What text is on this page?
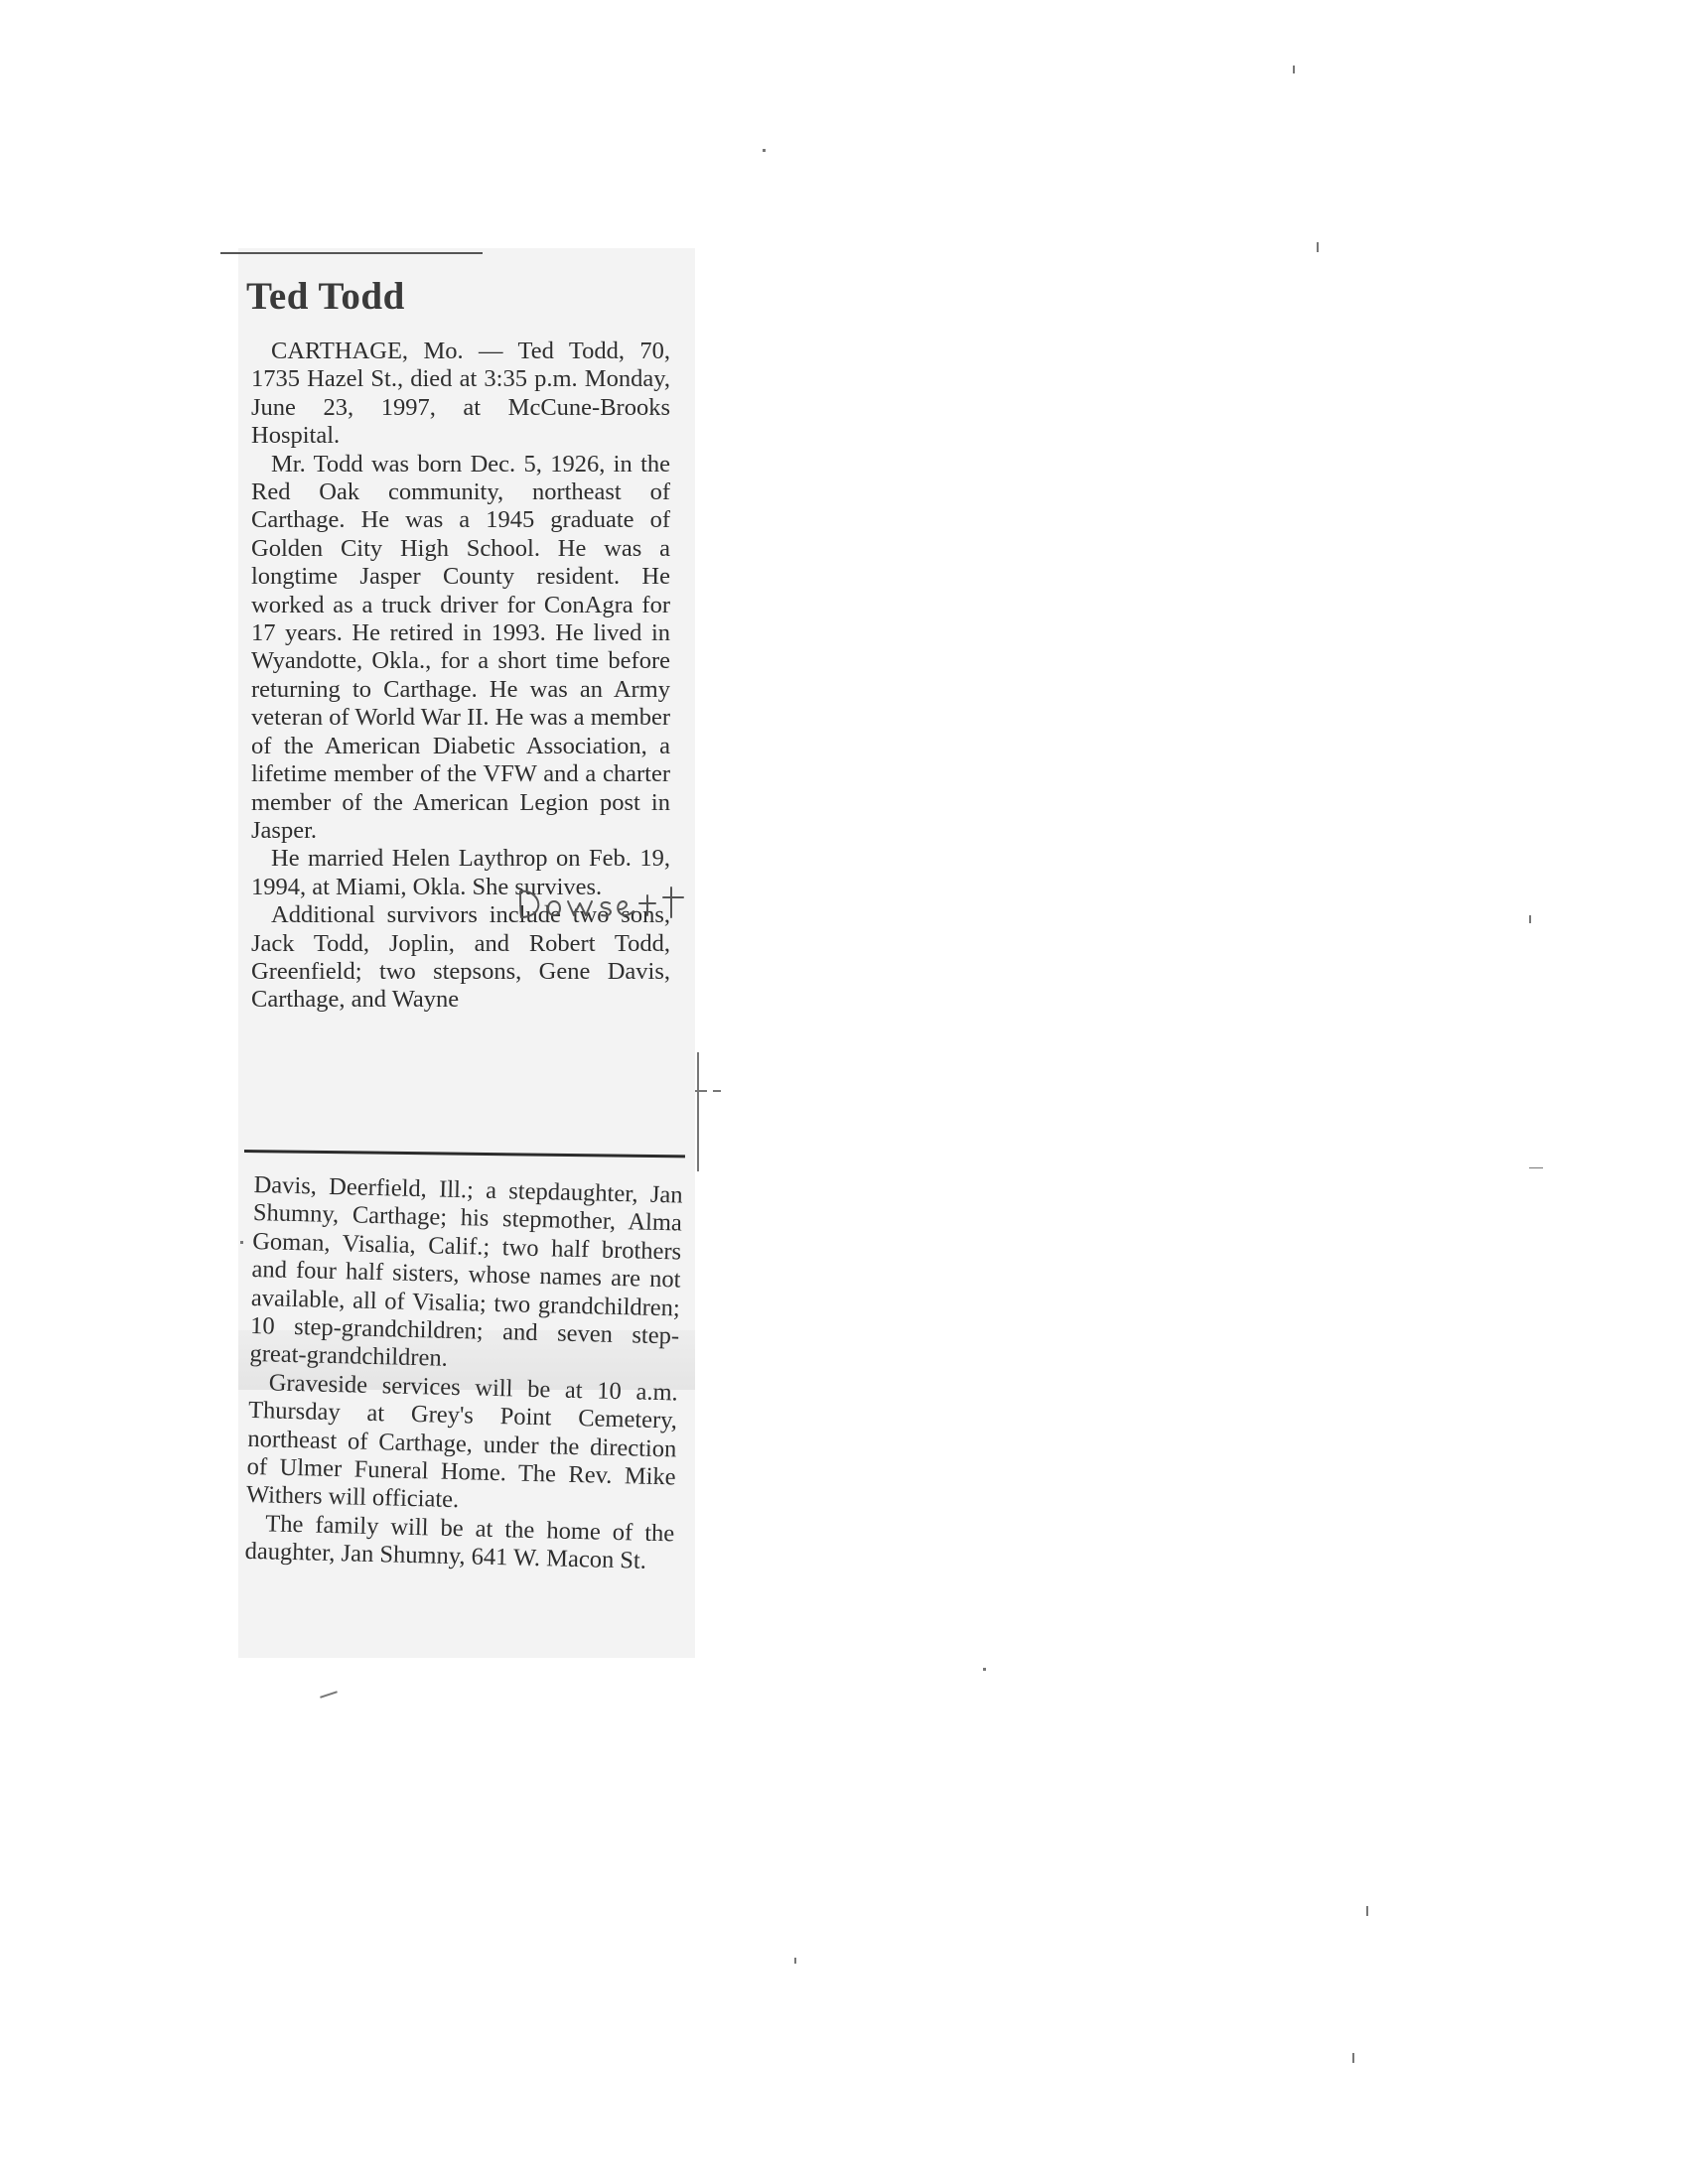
Ted Todd

CARTHAGE, Mo. — Ted Todd, 70, 1735 Hazel St., died at 3:35 p.m. Monday, June 23, 1997, at McCune-Brooks Hospital.

Mr. Todd was born Dec. 5, 1926, in the Red Oak community, northeast of Carthage. He was a 1945 graduate of Golden City High School. He was a longtime Jasper County resident. He worked as a truck driver for ConAgra for 17 years. He retired in 1993. He lived in Wyandotte, Okla., for a short time before returning to Carthage. He was an Army veteran of World War II. He was a member of the American Diabetic Association, a lifetime member of the VFW and a charter member of the American Legion post in Jasper.

He married Helen Laythrop on Feb. 19, 1994, at Miami, Okla. She survives.

Additional survivors include two sons, Jack Todd, Joplin, and Robert Todd, Greenfield; two stepsons, Gene Davis, Carthage, and Wayne

Davis, Deerfield, Ill.; a stepdaughter, Jan Shumny, Carthage; his stepmother, Alma Goman, Visalia, Calif.; two half brothers and four half sisters, whose names are not available, all of Visalia; two grandchildren; 10 step-grandchildren; and seven step-great-grandchildren.

Graveside services will be at 10 a.m. Thursday at Grey's Point Cemetery, northeast of Carthage, under the direction of Ulmer Funeral Home. The Rev. Mike Withers will officiate.

The family will be at the home of the daughter, Jan Shumny, 641 W. Macon St.
